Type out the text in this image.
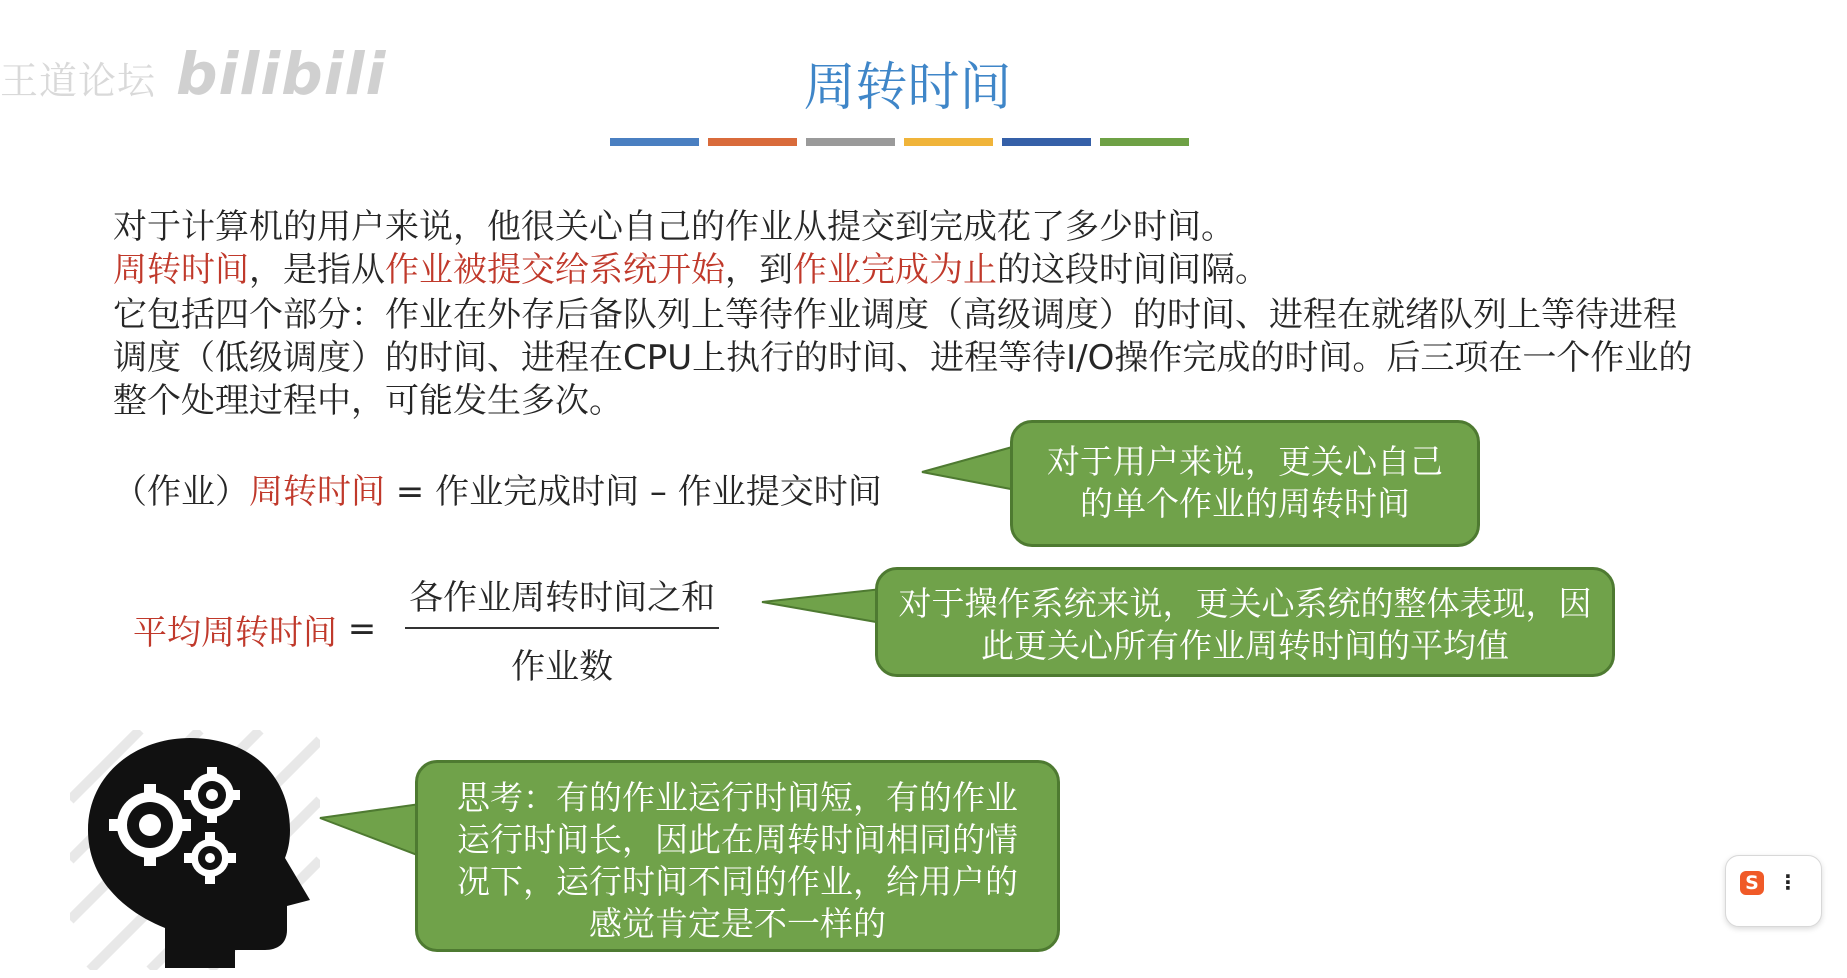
王道论坛 bilibili	周转时间
对于计算机的用户来说，他很关心自己的作业从提交到完成花了多少时间。
周转时间，是指从作业被提交给系统开始，到作业完成为止的这段时间间隔。
它包括四个部分：作业在外存后备队列上等待作业调度（高级调度）的时间、进程在就绪队列上等待进程调度（低级调度）的时间、进程在CPU上执行的时间、进程等待I/O操作完成的时间。后三项在一个作业的整个处理过程中，可能发生多次。
（作业）周转时间 = 作业完成时间 – 作业提交时间
平均周转时间 = $\frac{\text{各作业周转时间之和}}{\text{作业数}}$
对于用户来说，更关心自己的单个作业的周转时间
对于操作系统来说，更关心系统的整体表现，因此更关心所有作业周转时间的平均值
思考：有的作业运行时间短，有的作业运行时间长，因此在周转时间相同的情况下，运行时间不同的作业，给用户的感觉肯定是不一样的
S ⋮
